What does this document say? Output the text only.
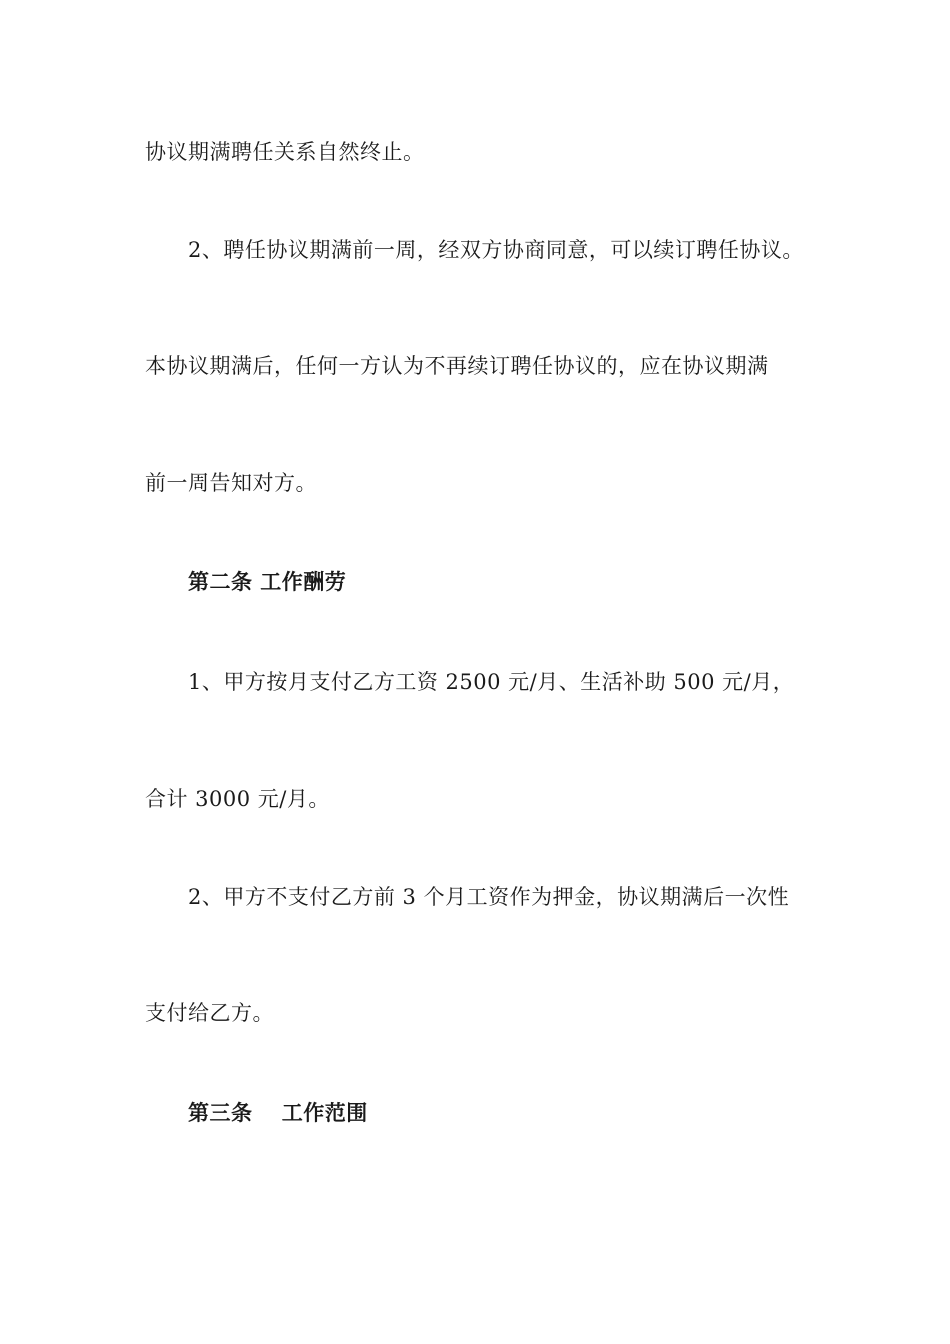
协议期满聘任关系自然终止。
2、聘任协议期满前一周，经双方协商同意，可以续订聘任协议。
本协议期满后，任何一方认为不再续订聘任协议的，应在协议期满
前一周告知对方。
第二条 工作酬劳
1、甲方按月支付乙方工资 2500 元/月、生活补助 500 元/月，
合计 3000 元/月。
2、甲方不支付乙方前 3 个月工资作为押金，协议期满后一次性
支付给乙方。
第三条　 工作范围
